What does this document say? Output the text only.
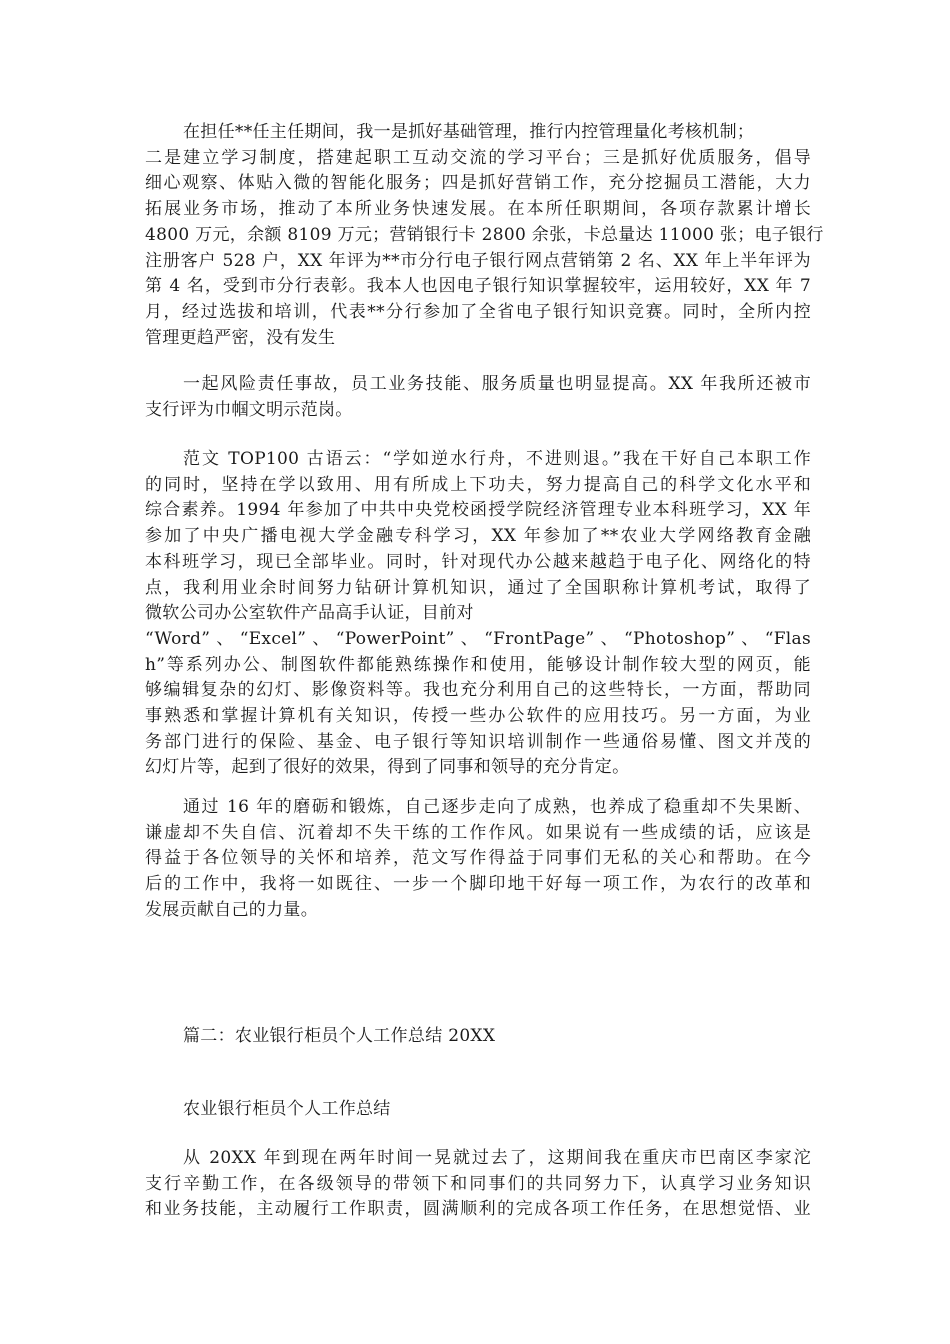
在担任**任主任期间，我一是抓好基础管理，推行内控管理量化考核机制；
二是建立学习制度，搭建起职工互动交流的学习平台；三是抓好优质服务，倡导
细心观察、体贴入微的智能化服务；四是抓好营销工作，充分挖掘员工潜能，大力
拓展业务市场，推动了本所业务快速发展。在本所任职期间，各项存款累计增长
4800 万元，余额 8109 万元；营销银行卡 2800 余张，卡总量达 11000 张；电子银行
注册客户 528 户，XX 年评为**市分行电子银行网点营销第 2 名、XX 年上半年评为
第 4 名，受到市分行表彰。我本人也因电子银行知识掌握较牢，运用较好，XX 年 7
月，经过选拔和培训，代表**分行参加了全省电子银行知识竞赛。同时，全所内控
管理更趋严密，没有发生
一起风险责任事故，员工业务技能、服务质量也明显提高。XX 年我所还被市
支行评为巾帼文明示范岗。
范文 TOP100 古语云：“学如逆水行舟，不进则退。”我在干好自己本职工作
的同时，坚持在学以致用、用有所成上下功夫，努力提高自己的科学文化水平和
综合素养。1994 年参加了中共中央党校函授学院经济管理专业本科班学习，XX 年
参加了中央广播电视大学金融专科学习，XX 年参加了**农业大学网络教育金融
本科班学习，现已全部毕业。同时，针对现代办公越来越趋于电子化、网络化的特
点，我利用业余时间努力钻研计算机知识，通过了全国职称计算机考试，取得了
微软公司办公室软件产品高手认证，目前对
“Word”、“Excel”、“PowerPoint”、“FrontPage”、“Photoshop”、“Flas
h”等系列办公、制图软件都能熟练操作和使用，能够设计制作较大型的网页，能
够编辑复杂的幻灯、影像资料等。我也充分利用自己的这些特长，一方面，帮助同
事熟悉和掌握计算机有关知识，传授一些办公软件的应用技巧。另一方面，为业
务部门进行的保险、基金、电子银行等知识培训制作一些通俗易懂、图文并茂的
幻灯片等，起到了很好的效果，得到了同事和领导的充分肯定。
通过 16 年的磨砺和锻炼，自己逐步走向了成熟，也养成了稳重却不失果断、
谦虚却不失自信、沉着却不失干练的工作作风。如果说有一些成绩的话，应该是
得益于各位领导的关怀和培养，范文写作得益于同事们无私的关心和帮助。在今
后的工作中，我将一如既往、一步一个脚印地干好每一项工作，为农行的改革和
发展贡献自己的力量。
篇二：农业银行柜员个人工作总结 20XX
农业银行柜员个人工作总结
从 20XX 年到现在两年时间一晃就过去了，这期间我在重庆市巴南区李家沱
支行辛勤工作，在各级领导的带领下和同事们的共同努力下，认真学习业务知识
和业务技能，主动履行工作职责，圆满顺利的完成各项工作任务，在思想觉悟、业
